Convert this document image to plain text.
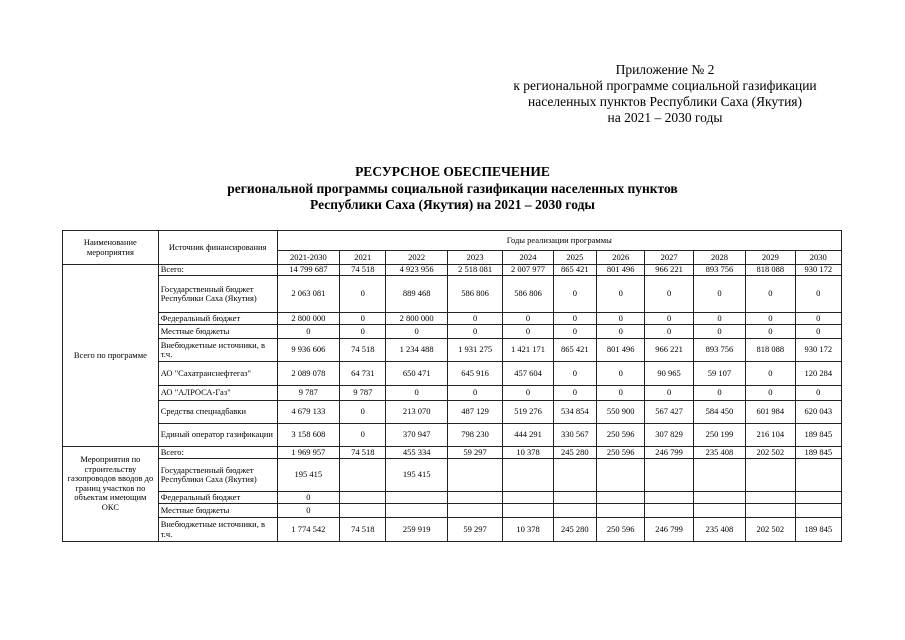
Приложение № 2
к региональной программе социальной газификации
населенных пунктов Республики Саха (Якутия)
на 2021 – 2030 годы
РЕСУРСНОЕ ОБЕСПЕЧЕНИЕ
региональной программы социальной газификации населенных пунктов
Республики Саха (Якутия) на 2021 – 2030 годы
Наименование мероприятия	Источник финансирования	Годы реализации программы										
		2021-2030	2021	2022	2023	2024	2025	2026	2027	2028	2029	2030
Всего по программе	Всего:	14 799 687	74 518	4 923 956	2 518 081	2 007 977	865 421	801 496	966 221	893 756	818 088	930 172
	Государственный бюджет Республики Саха (Якутия)	2 063 081	0	889 468	586 806	586 806	0	0	0	0	0	0
	Федеральный бюджет	2 800 000	0	2 800 000	0	0	0	0	0	0	0	0
	Местные бюджеты	0	0	0	0	0	0	0	0	0	0	0
	Внебюджетные источники, в т.ч.	9 936 606	74 518	1 234 488	1 931 275	1 421 171	865 421	801 496	966 221	893 756	818 088	930 172
	АО "Сахатранснефтегаз"	2 089 078	64 731	650 471	645 916	457 604	0	0	90 965	59 107	0	120 284
	АО "АЛРОСА-Газ"	9 787	9 787	0	0	0	0	0	0	0	0	0
	Средства спецнадбавки	4 679 133	0	213 070	487 129	519 276	534 854	550 900	567 427	584 450	601 984	620 043
	Единый оператор газификации	3 158 608	0	370 947	798 230	444 291	330 567	250 596	307 829	250 199	216 104	189 845
Мероприятия по строительству газопроводов вводов до границ участков по объектам имеющим ОКС	Всего:	1 969 957	74 518	455 334	59 297	10 378	245 280	250 596	246 799	235 408	202 502	189 845
	Государственный бюджет Республики Саха (Якутия)	195 415		195 415								
	Федеральный бюджет	0										
	Местные бюджеты	0										
	Внебюджетные источники, в т.ч.	1 774 542	74 518	259 919	59 297	10 378	245 280	250 596	246 799	235 408	202 502	189 845
